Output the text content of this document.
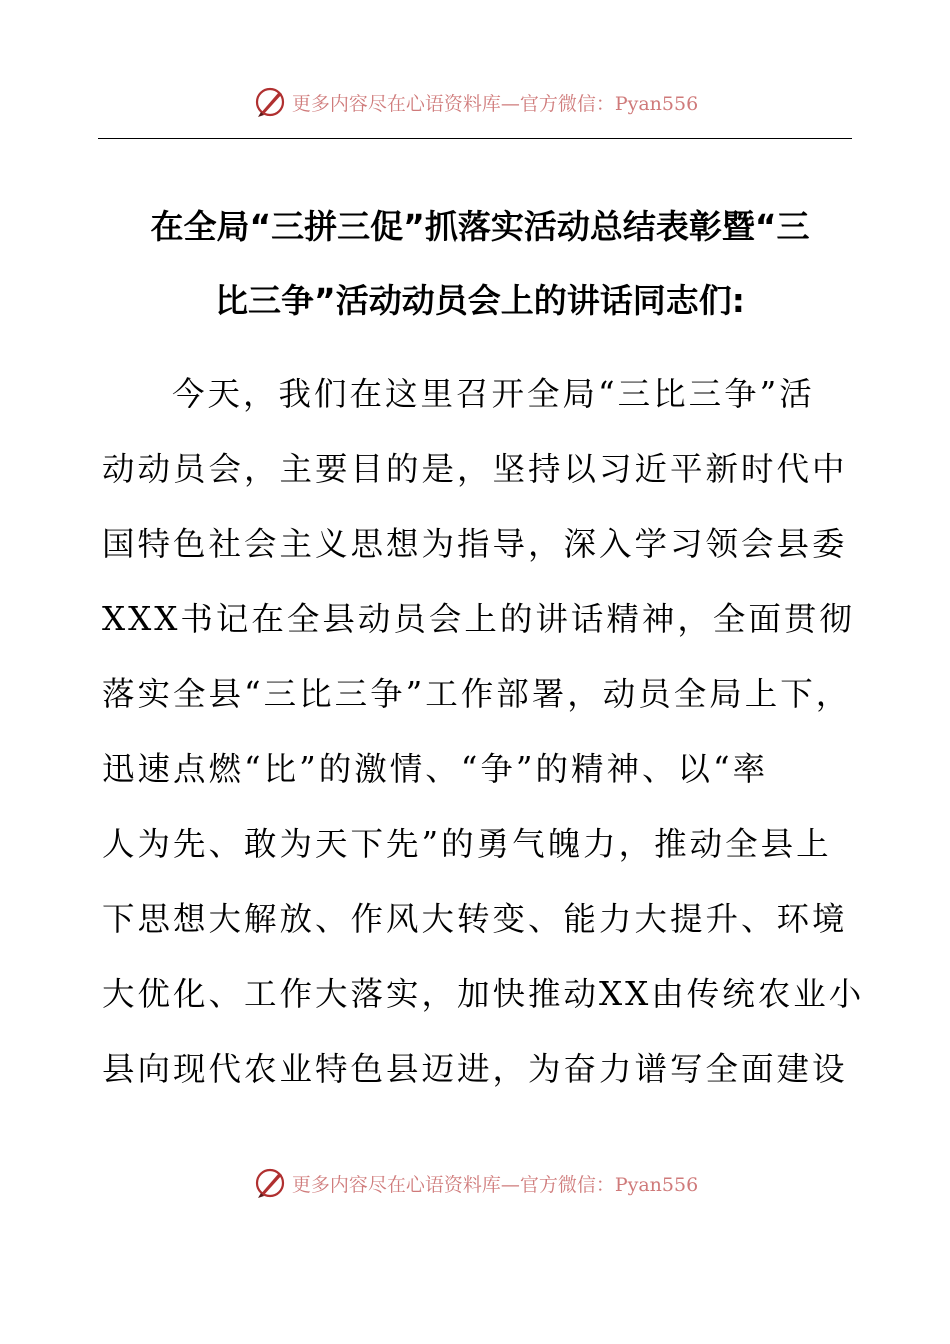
更多内容尽在心语资料库—官方微信：Pyan556
在全局“三拼三促”抓落实活动总结表彰暨“三
比三争”活动动员会上的讲话同志们:
今天，我们在这里召开全局“三比三争”活
动动员会，主要目的是，坚持以习近平新时代中
国特色社会主义思想为指导，深入学习领会县委
XXX书记在全县动员会上的讲话精神，全面贯彻
落实全县“三比三争”工作部署，动员全局上下，
迅速点燃“比”的激情、“争”的精神、以“率
人为先、敢为天下先”的勇气魄力，推动全县上
下思想大解放、作风大转变、能力大提升、环境
大优化、工作大落实，加快推动XX由传统农业小
县向现代农业特色县迈进，为奋力谱写全面建设
更多内容尽在心语资料库—官方微信：Pyan556
